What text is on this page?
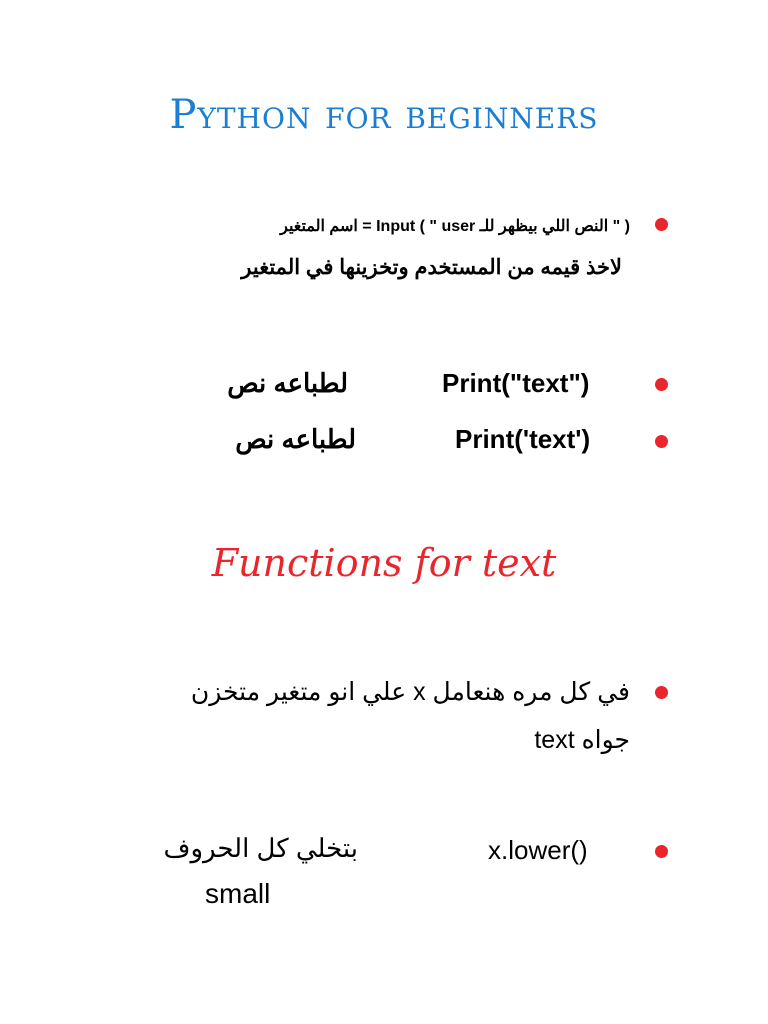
Python for beginners
( " النص اللي بيظهر للـ user " ) Input = اسم المتغير
لاخذ قيمه من المستخدم وتخزينها في المتغير
Print("text")
لطباعه نص
Print('text')
لطباعه نص
Functions for text
في كل مره هنعامل x علي انو متغير متخزن
جواه text
x.lower()
بتخلي كل الحروف
small
